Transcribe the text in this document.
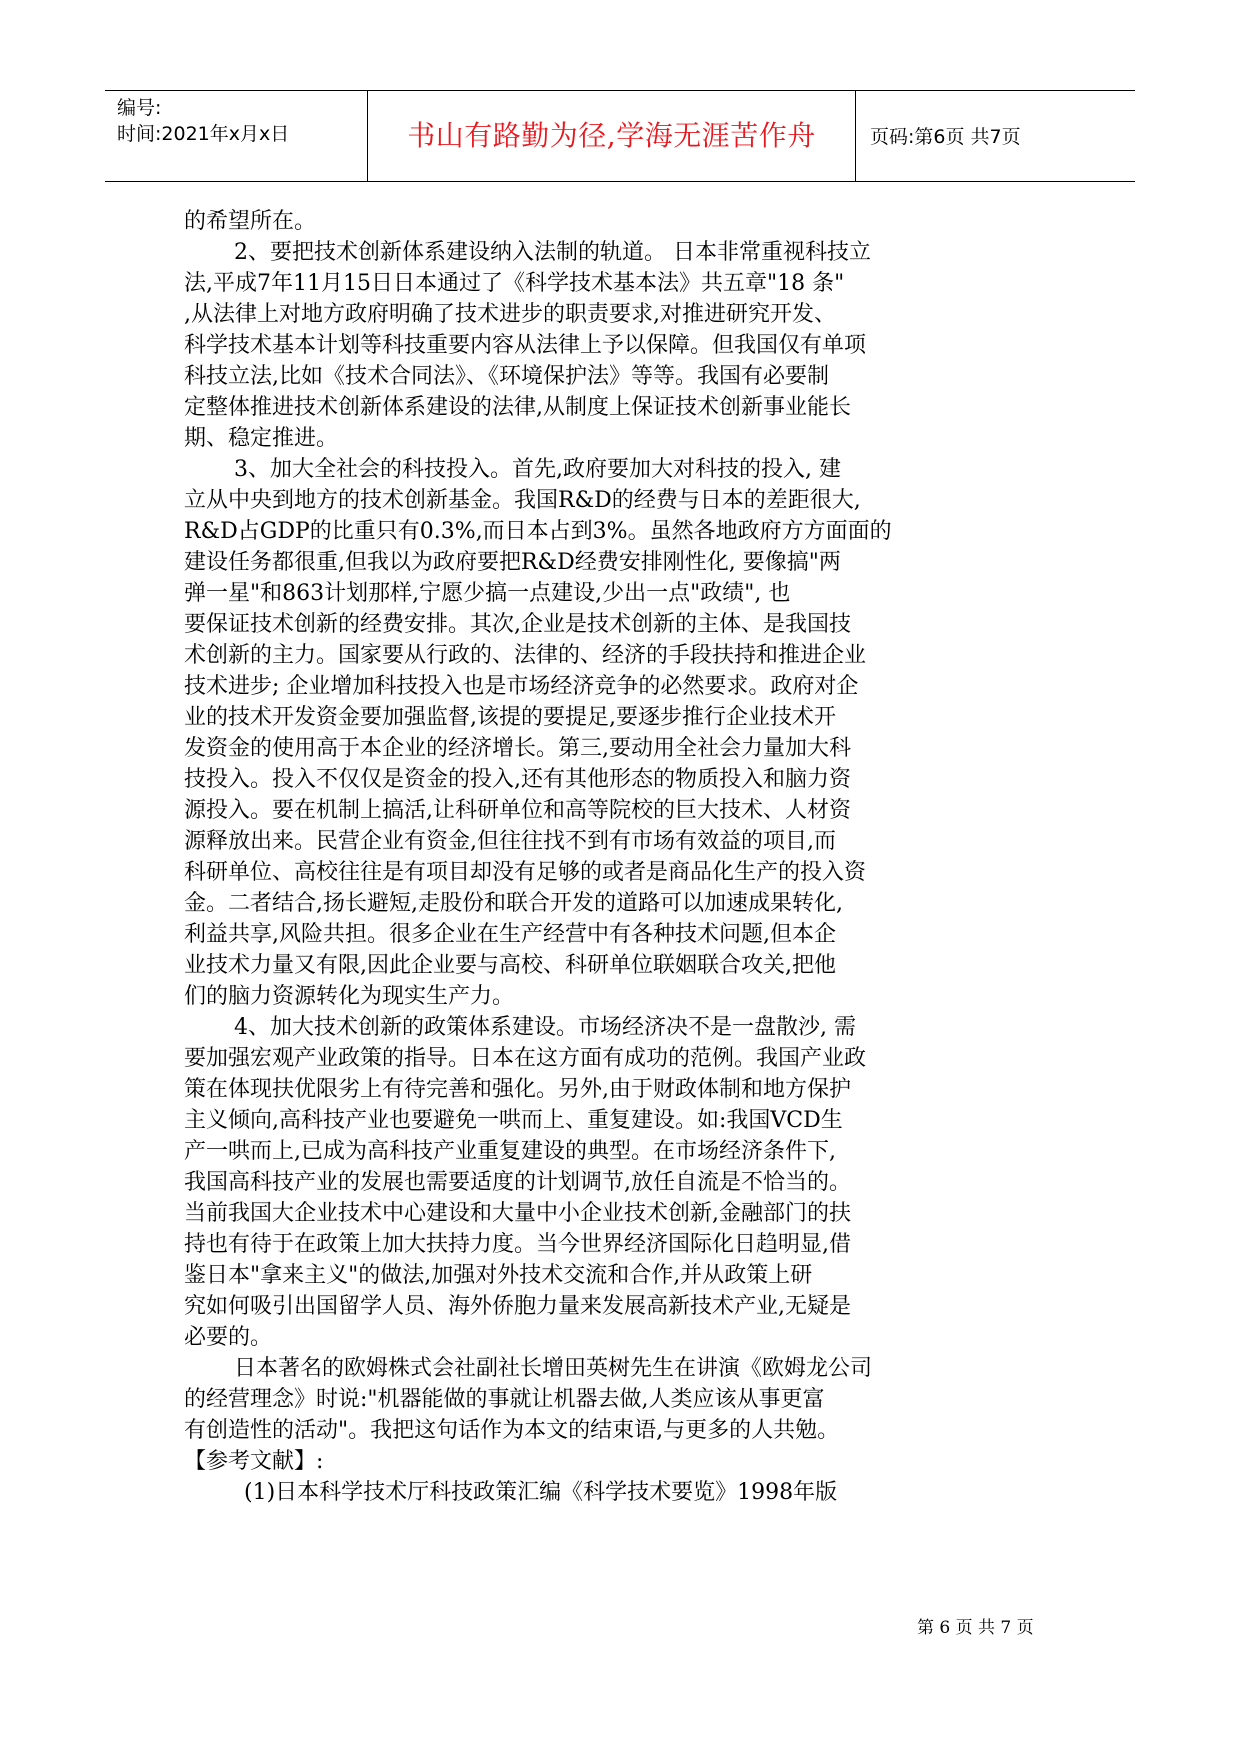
编号:
时间:2021年x月x日	书山有路勤为径,学海无涯苦作舟	页码:第6页 共7页
的希望所在。
2、要把技术创新体系建设纳入法制的轨道。 日本非常重视科技立
法,平成7年11月15日日本通过了《科学技术基本法》共五章"18 条"
,从法律上对地方政府明确了技术进步的职责要求,对推进研究开发、
科学技术基本计划等科技重要内容从法律上予以保障。但我国仅有单项
科技立法,比如《技术合同法》、《环境保护法》等等。我国有必要制
定整体推进技术创新体系建设的法律,从制度上保证技术创新事业能长
期、稳定推进。
3、加大全社会的科技投入。首先,政府要加大对科技的投入, 建
立从中央到地方的技术创新基金。我国R&D的经费与日本的差距很大,
R&D占GDP的比重只有0.3%,而日本占到3%。虽然各地政府方方面面的
建设任务都很重,但我以为政府要把R&D经费安排刚性化, 要像搞"两
弹一星"和863计划那样,宁愿少搞一点建设,少出一点"政绩", 也
要保证技术创新的经费安排。其次,企业是技术创新的主体、是我国技
术创新的主力。国家要从行政的、法律的、经济的手段扶持和推进企业
技术进步; 企业增加科技投入也是市场经济竞争的必然要求。政府对企
业的技术开发资金要加强监督,该提的要提足,要逐步推行企业技术开
发资金的使用高于本企业的经济增长。第三,要动用全社会力量加大科
技投入。投入不仅仅是资金的投入,还有其他形态的物质投入和脑力资
源投入。要在机制上搞活,让科研单位和高等院校的巨大技术、人材资
源释放出来。民营企业有资金,但往往找不到有市场有效益的项目,而
科研单位、高校往往是有项目却没有足够的或者是商品化生产的投入资
金。二者结合,扬长避短,走股份和联合开发的道路可以加速成果转化,
利益共享,风险共担。很多企业在生产经营中有各种技术问题,但本企
业技术力量又有限,因此企业要与高校、科研单位联姻联合攻关,把他
们的脑力资源转化为现实生产力。
4、加大技术创新的政策体系建设。市场经济决不是一盘散沙, 需
要加强宏观产业政策的指导。日本在这方面有成功的范例。我国产业政
策在体现扶优限劣上有待完善和强化。另外,由于财政体制和地方保护
主义倾向,高科技产业也要避免一哄而上、重复建设。如:我国VCD生
产一哄而上,已成为高科技产业重复建设的典型。在市场经济条件下,
我国高科技产业的发展也需要适度的计划调节,放任自流是不恰当的。
当前我国大企业技术中心建设和大量中小企业技术创新,金融部门的扶
持也有待于在政策上加大扶持力度。当今世界经济国际化日趋明显,借
鉴日本"拿来主义"的做法,加强对外技术交流和合作,并从政策上研
究如何吸引出国留学人员、海外侨胞力量来发展高新技术产业,无疑是
必要的。
日本著名的欧姆株式会社副社长增田英树先生在讲演《欧姆龙公司
的经营理念》时说:"机器能做的事就让机器去做,人类应该从事更富
有创造性的活动"。我把这句话作为本文的结束语,与更多的人共勉。
【参考文献】:
(1)日本科学技术厅科技政策汇编《科学技术要览》1998年版
第 6 页 共 7 页
